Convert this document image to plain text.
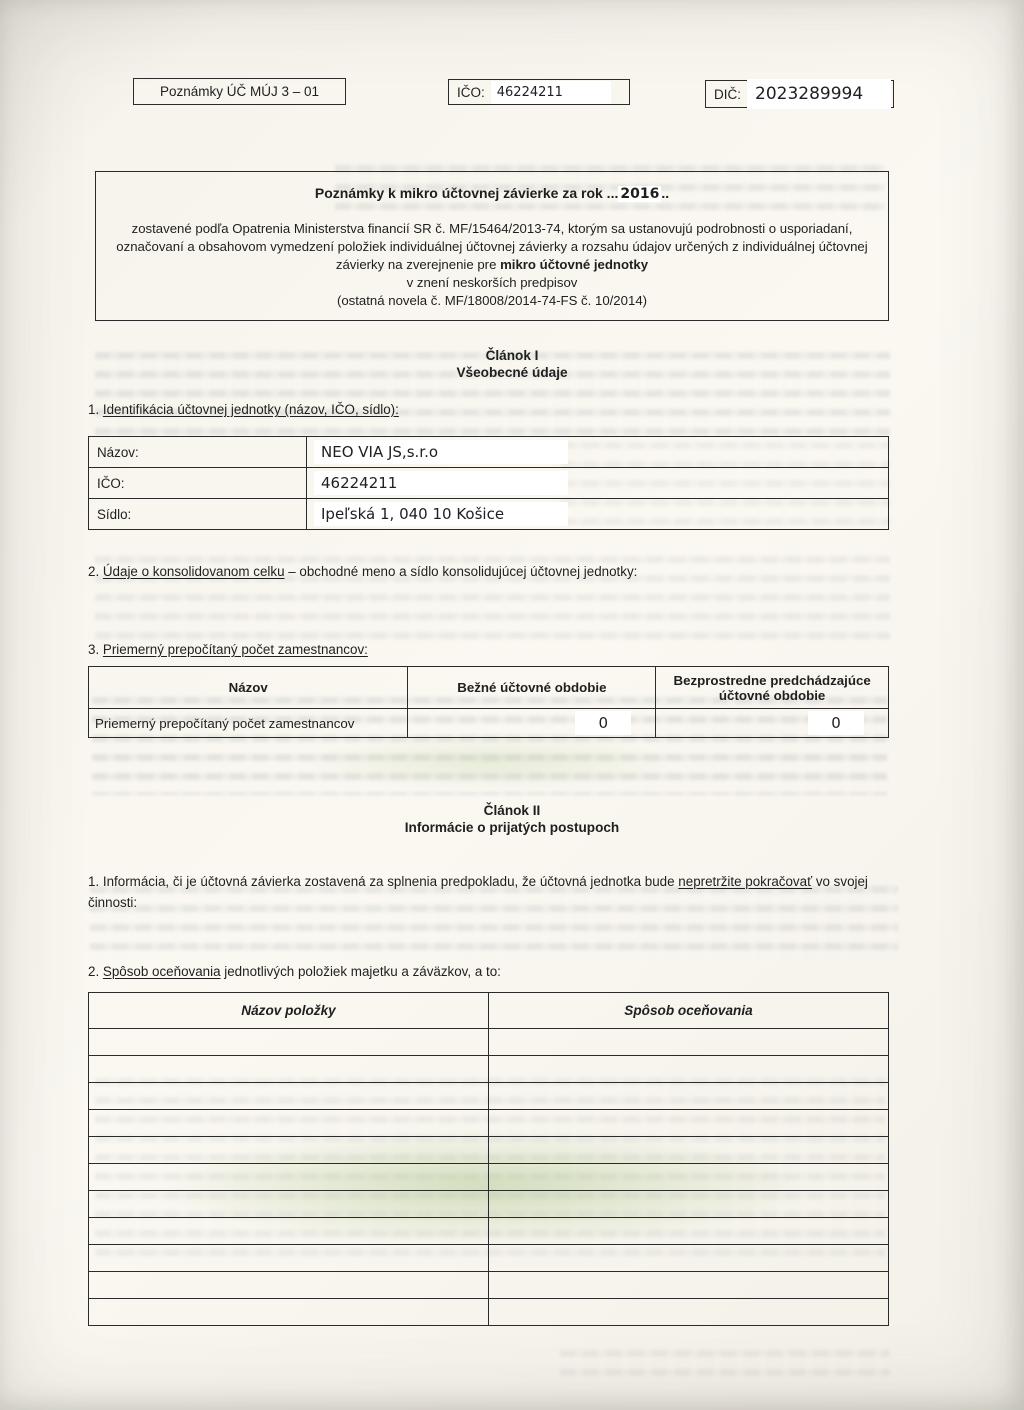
Poznámky ÚČ MÚJ 3 – 01	IČO: 46224211	DIČ: 2023289994

Poznámky k mikro účtovnej závierke za rok ... 2016 ..

zostavené podľa Opatrenia Ministerstva financií SR č. MF/15464/2013-74, ktorým sa ustanovujú podrobnosti o usporiadaní, označovaní a obsahovom vymedzení položiek individuálnej účtovnej závierky a rozsahu údajov určených z individuálnej účtovnej závierky na zverejnenie pre mikro účtovné jednotky

v znení neskorších predpisov

(ostatná novela č. MF/18008/2014-74-FS č. 10/2014)

Článok I
Všeobecné údaje

1. Identifikácia účtovnej jednotky (názov, IČO, sídlo):

Názov:	NEO VIA JS,s.r.o
IČO:	46224211
Sídlo:	Ipeľská 1, 040 10 Košice

2. Údaje o konsolidovanom celku – obchodné meno a sídlo konsolidujúcej účtovnej jednotky:

3. Priemerný prepočítaný počet zamestnancov:

Názov	Bežné účtovné obdobie	Bezprostredne predchádzajúce účtovné obdobie
Priemerný prepočítaný počet zamestnancov	0	0
Článok II
Informácie o prijatých postupoch

1. Informácia, či je účtovná závierka zostavená za splnenia predpokladu, že účtovná jednotka bude nepretržite pokračovať vo svojej činnosti:

2. Spôsob oceňovania jednotlivých položiek majetku a záväzkov, a to:

Názov položky	Spôsob oceňovania
